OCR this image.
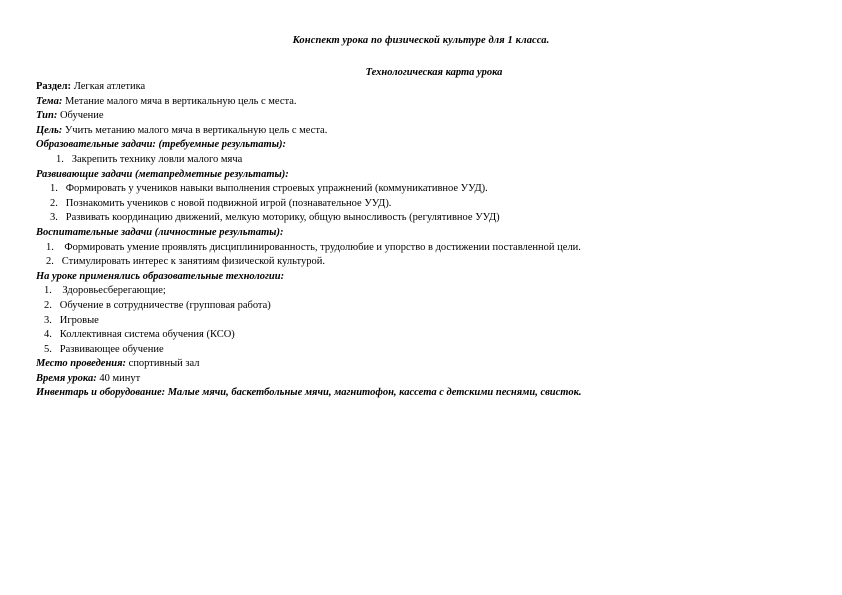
Конспект урока по физической культуре для 1 класса.
Технологическая карта урока
Раздел: Легкая атлетика
Тема: Метание малого мяча в вертикальную цель с места.
Тип: Обучение
Цель: Учить метанию малого мяча в вертикальную цель с места.
Образовательные задачи: (требуемные результаты):
1. Закрепить технику ловли малого мяча
Развивающие задачи (метапредметные результаты):
1. Формировать у учеников навыки выполнения строевых упражнений (коммуникативное УУД).
2. Познакомить учеников с новой подвижной игрой (познавательное УУД).
3. Развивать координацию движений, мелкую моторику, общую выносливость (регулятивное УУД)
Воспитательные задачи (личностные результаты):
1. Формировать умение проявлять дисциплинированность, трудолюбие и упорство в достижении поставленной цели.
2. Стимулировать интерес к занятиям физической культурой.
На уроке применялись образовательные технологии:
1. Здоровьесберегающие;
2. Обучение в сотрудничестве (групповая работа)
3. Игровые
4. Коллективная система обучения (КСО)
5. Развивающее обучение
Место проведения: спортивный зал
Время урока: 40 минут
Инвентарь и оборудование: Малые мячи, баскетбольные мячи, магнитофон, кассета с детскими песнями, свисток.
